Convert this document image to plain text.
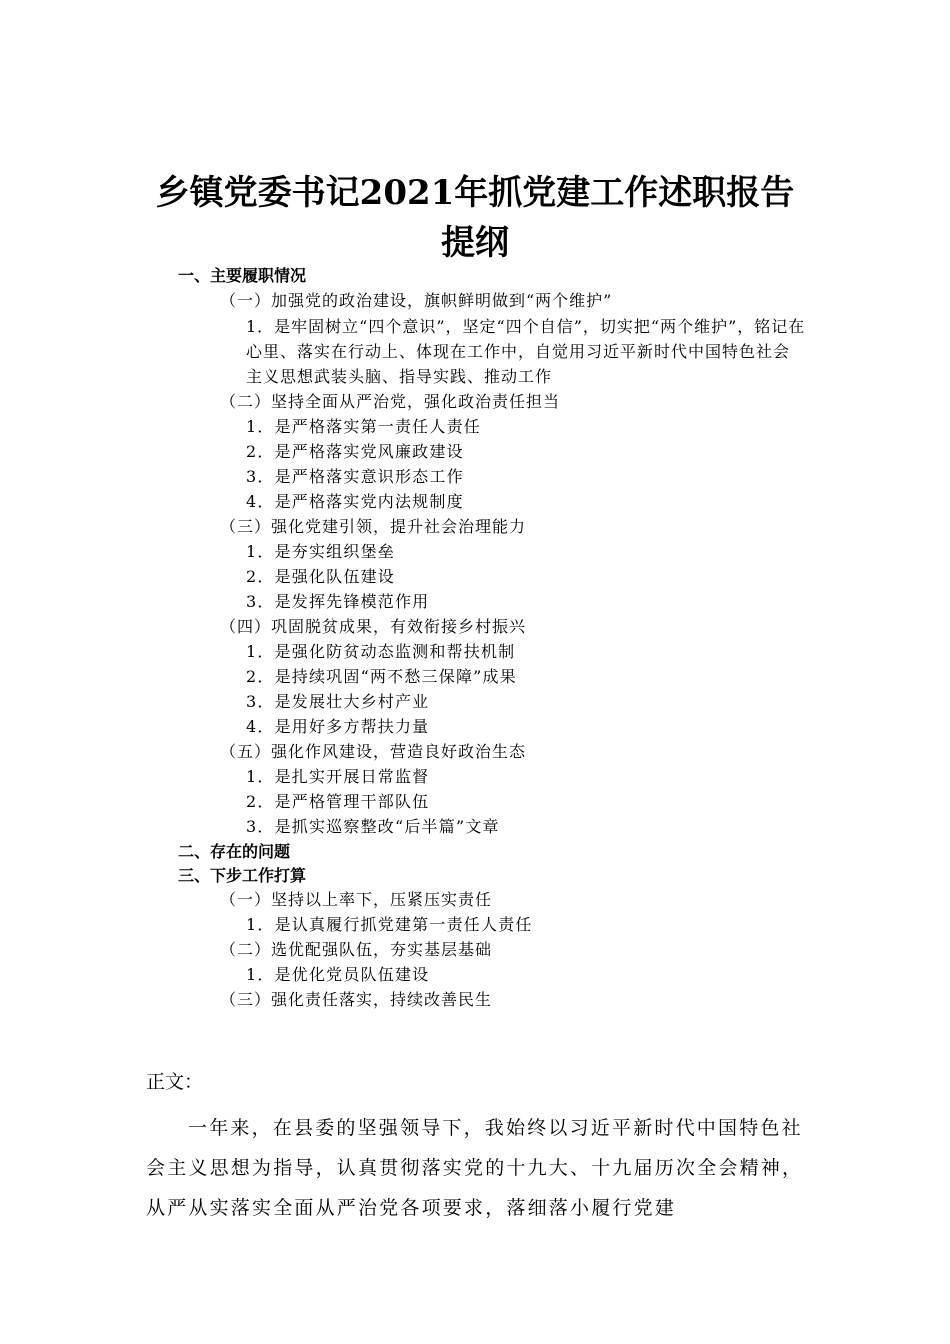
乡镇党委书记2021年抓党建工作述职报告
提纲
一、主要履职情况
（一）加强党的政治建设，旗帜鲜明做到“两个维护”
1．是牢固树立“四个意识”，坚定“四个自信”，切实把“两个维护”，铭记在心里、落实在行动上、体现在工作中，自觉用习近平新时代中国特色社会主义思想武装头脑、指导实践、推动工作
（二）坚持全面从严治党，强化政治责任担当
1．是严格落实第一责任人责任
2．是严格落实党风廉政建设
3．是严格落实意识形态工作
4．是严格落实党内法规制度
（三）强化党建引领，提升社会治理能力
1．是夯实组织堡垒
2．是强化队伍建设
3．是发挥先锋模范作用
（四）巩固脱贫成果，有效衔接乡村振兴
1．是强化防贫动态监测和帮扶机制
2．是持续巩固“两不愁三保障”成果
3．是发展壮大乡村产业
4．是用好多方帮扶力量
（五）强化作风建设，营造良好政治生态
1．是扎实开展日常监督
2．是严格管理干部队伍
3．是抓实巡察整改“后半篇”文章
二、存在的问题
三、下步工作打算
（一）坚持以上率下，压紧压实责任
1．是认真履行抓党建第一责任人责任
（二）选优配强队伍，夯实基层基础
1．是优化党员队伍建设
（三）强化责任落实，持续改善民生
正文：

一年来，在县委的坚强领导下，我始终以习近平新时代中国特色社会主义思想为指导，认真贯彻落实党的十九大、十九届历次全会精神，从严从实落实全面从严治党各项要求，落细落小履行党建
